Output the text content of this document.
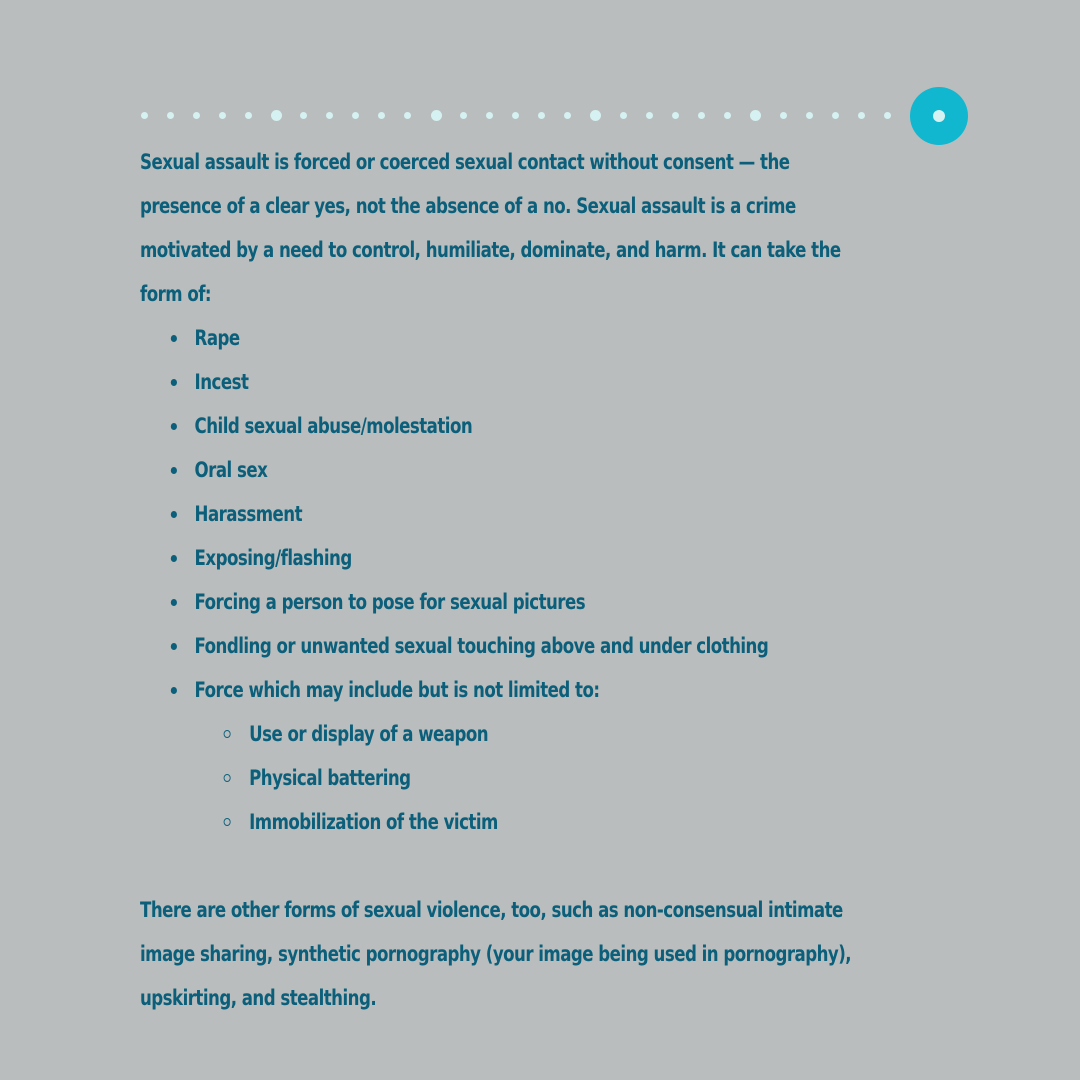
Sexual assault is forced or coerced sexual contact without consent — the presence of a clear yes, not the absence of a no. Sexual assault is a crime motivated by a need to control, humiliate, dominate, and harm. It can take the form of:

Rape
Incest
Child sexual abuse/molestation
Oral sex
Harassment
Exposing/flashing
Forcing a person to pose for sexual pictures
Fondling or unwanted sexual touching above and under clothing
Force which may include but is not limited to:
Use or display of a weapon
Physical battering
Immobilization of the victim

There are other forms of sexual violence, too, such as non-consensual intimate image sharing, synthetic pornography (your image being used in pornography), upskirting, and stealthing.
